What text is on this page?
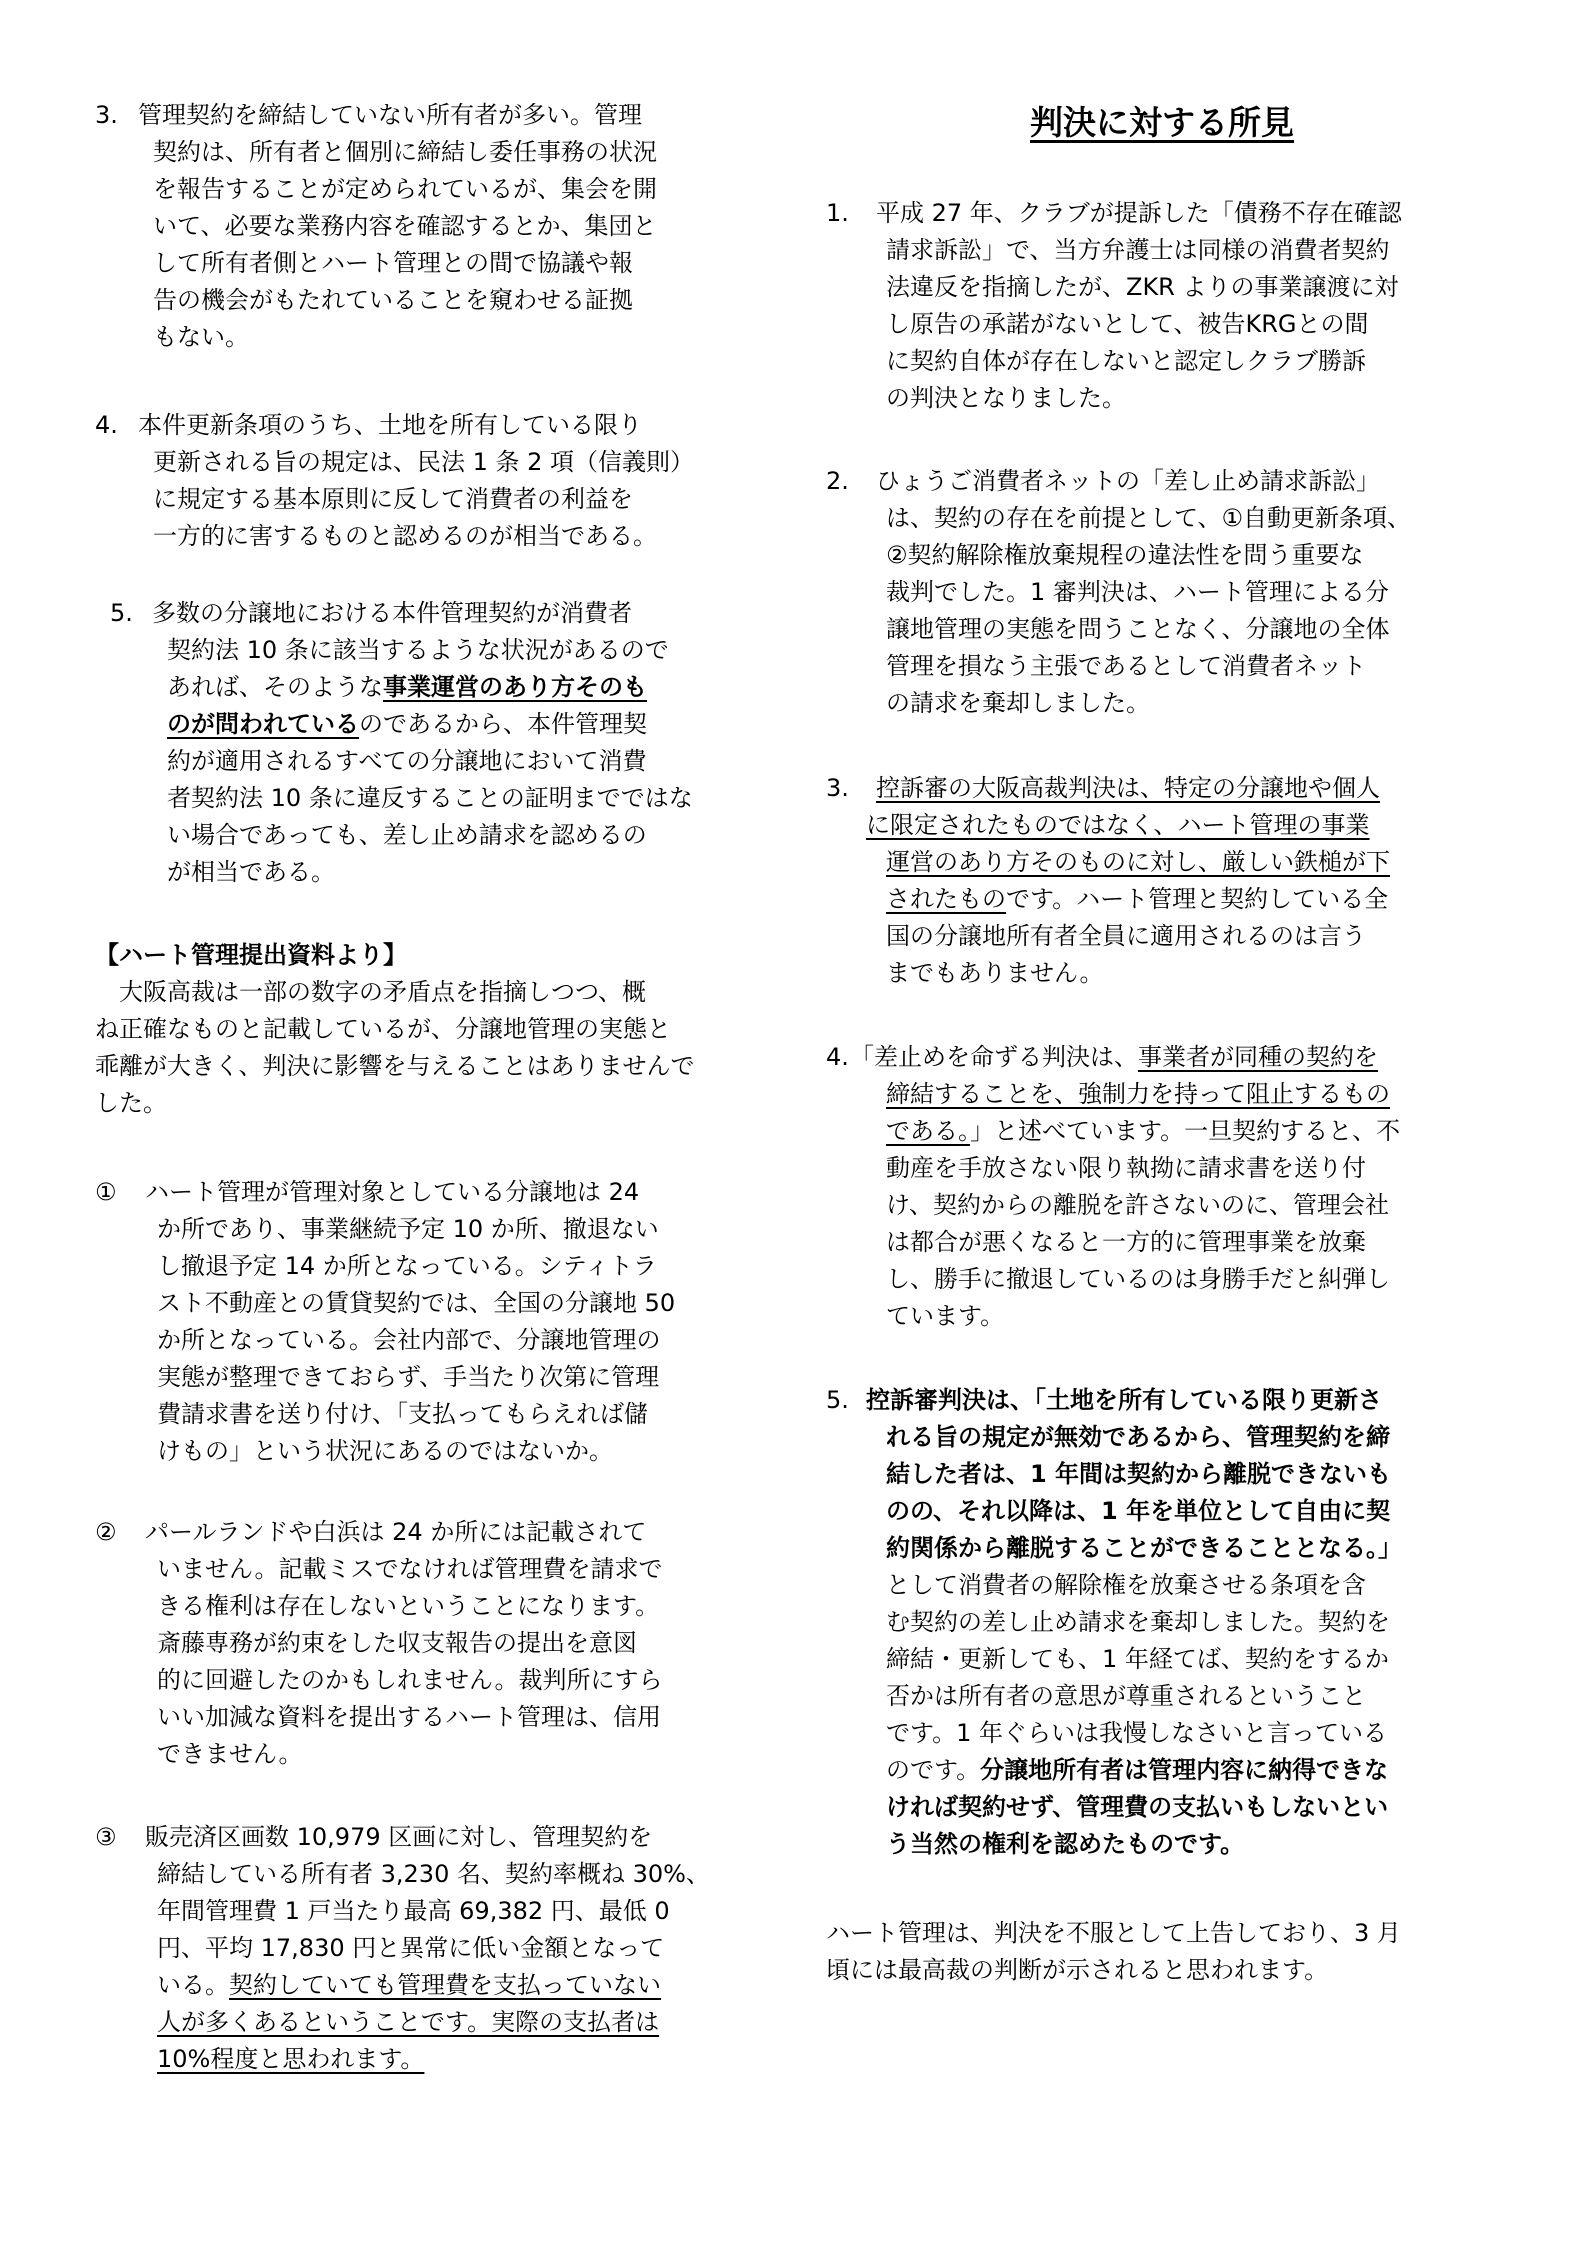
3. 管理契約を締結していない所有者が多い。管理
契約は、所有者と個別に締結し委任事務の状況
を報告することが定められているが、集会を開
いて、必要な業務内容を確認するとか、集団と
して所有者側とハート管理との間で協議や報
告の機会がもたれていることを窺わせる証拠
もない。
4. 本件更新条項のうち、土地を所有している限り
更新される旨の規定は、民法 1 条 2 項（信義則）
に規定する基本原則に反して消費者の利益を
一方的に害するものと認めるのが相当である。
5. 多数の分譲地における本件管理契約が消費者
契約法 10 条に該当するような状況があるので
あれば、そのような事業運営のあり方そのも
のが問われているのであるから、本件管理契
約が適用されるすべての分譲地において消費
者契約法 10 条に違反することの証明までではな
い場合であっても、差し止め請求を認めるの
が相当である。
【ハート管理提出資料より】
　大阪高裁は一部の数字の矛盾点を指摘しつつ、概
ね正確なものと記載しているが、分譲地管理の実態と
乖離が大きく、判決に影響を与えることはありませんで
した。
① ハート管理が管理対象としている分譲地は 24
か所であり、事業継続予定 10 か所、撤退ない
し撤退予定 14 か所となっている。シティトラ
スト不動産との賃貸契約では、全国の分譲地 50
か所となっている。会社内部で、分譲地管理の
実態が整理できておらず、手当たり次第に管理
費請求書を送り付け、「支払ってもらえれば儲
けもの」という状況にあるのではないか。
② パールランドや白浜は 24 か所には記載されて
いません。記載ミスでなければ管理費を請求で
きる権利は存在しないということになります。
斎藤専務が約束をした収支報告の提出を意図
的に回避したのかもしれません。裁判所にすら
いい加減な資料を提出するハート管理は、信用
できません。
③ 販売済区画数 10,979 区画に対し、管理契約を
締結している所有者 3,230 名、契約率概ね 30%、
年間管理費 1 戸当たり最高 69,382 円、最低 0
円、平均 17,830 円と異常に低い金額となって
いる。契約していても管理費を支払っていない
人が多くあるということです。実際の支払者は
10%程度と思われます。
判決に対する所見
1. 平成 27 年、クラブが提訴した「債務不存在確認
請求訴訟」で、当方弁護士は同様の消費者契約
法違反を指摘したが、ZKR よりの事業譲渡に対
し原告の承諾がないとして、被告KRGとの間
に契約自体が存在しないと認定しクラブ勝訴
の判決となりました。
2. ひょうご消費者ネットの「差し止め請求訴訟」
は、契約の存在を前提として、①自動更新条項、
②契約解除権放棄規程の違法性を問う重要な
裁判でした。1 審判決は、ハート管理による分
譲地管理の実態を問うことなく、分譲地の全体
管理を損なう主張であるとして消費者ネット
の請求を棄却しました。
3. 控訴審の大阪高裁判決は、特定の分譲地や個人
に限定されたものではなく、ハート管理の事業
運営のあり方そのものに対し、厳しい鉄槌が下
されたものです。ハート管理と契約している全
国の分譲地所有者全員に適用されるのは言う
までもありません。
4. 「差止めを命ずる判決は、事業者が同種の契約を
締結することを、強制力を持って阻止するもの
である。」と述べています。一旦契約すると、不
動産を手放さない限り執拗に請求書を送り付
け、契約からの離脱を許さないのに、管理会社
は都合が悪くなると一方的に管理事業を放棄
し、勝手に撤退しているのは身勝手だと糾弾し
ています。
5. 控訴審判決は、「土地を所有している限り更新さ
れる旨の規定が無効であるから、管理契約を締
結した者は、1 年間は契約から離脱できないも
のの、それ以降は、1 年を単位として自由に契
約関係から離脱することができることとなる。」
として消費者の解除権を放棄させる条項を含
む契約の差し止め請求を棄却しました。契約を
締結・更新しても、1 年経てば、契約をするか
否かは所有者の意思が尊重されるということ
です。1 年ぐらいは我慢しなさいと言っている
のです。分譲地所有者は管理内容に納得できな
ければ契約せず、管理費の支払いもしないとい
う当然の権利を認めたものです。
ハート管理は、判決を不服として上告しており、3 月
頃には最高裁の判断が示されると思われます。
